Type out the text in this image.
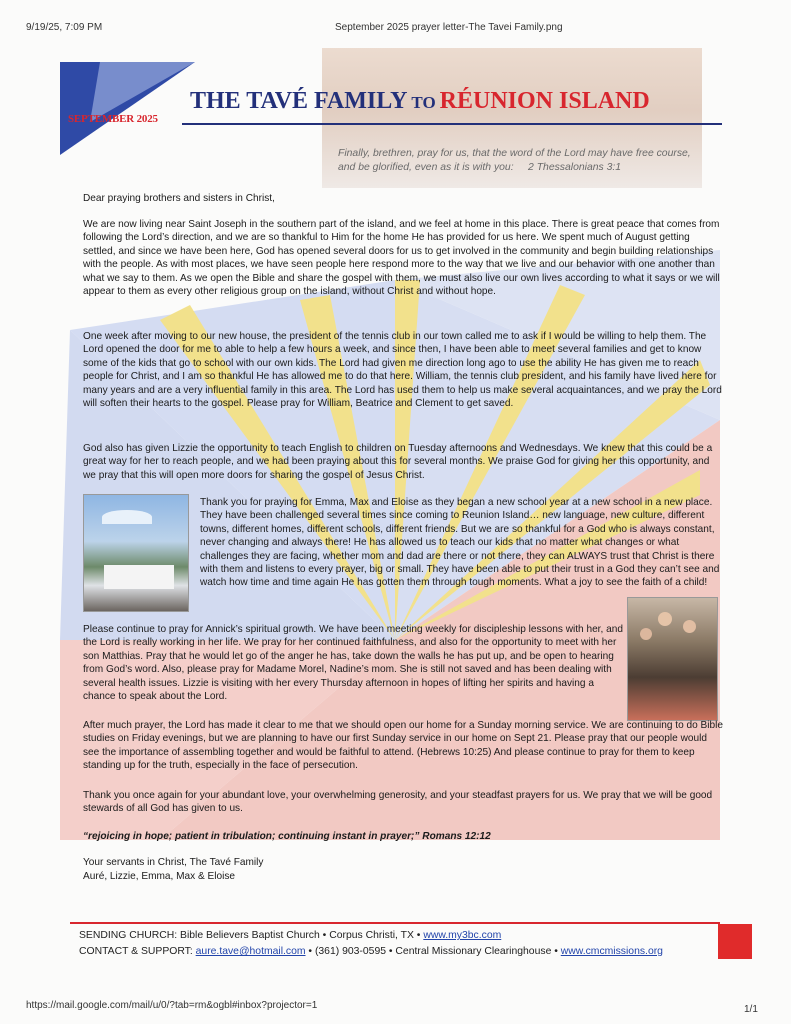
9/19/25, 7:09 PM	September 2025 prayer letter-The Tavei Family.png
THE TAVÉ FAMILY TO RÉUNION ISLAND
SEPTEMBER 2025
Finally, brethren, pray for us, that the word of the Lord may have free course, and be glorified, even as it is with you: 2 Thessalonians 3:1
Dear praying brothers and sisters in Christ,
We are now living near Saint Joseph in the southern part of the island, and we feel at home in this place. There is great peace that comes from following the Lord’s direction, and we are so thankful to Him for the home He has provided for us here. We spent much of August getting settled, and since we have been here, God has opened several doors for us to get involved in the community and begin building relationships with the people. As with most places, we have seen people here respond more to the way that we live and our behavior with one another than what we say to them. As we open the Bible and share the gospel with them, we must also live our own lives according to what it says or we will appear to them as every other religious group on the island, without Christ and without hope.
One week after moving to our new house, the president of the tennis club in our town called me to ask if I would be willing to help them. The Lord opened the door for me to able to help a few hours a week, and since then, I have been able to meet several families and get to know some of the kids that go to school with our own kids. The Lord had given me direction long ago to use the ability He has given me to reach people for Christ, and I am so thankful He has allowed me to do that here. William, the tennis club president, and his family have lived here for many years and are a very influential family in this area. The Lord has used them to help us make several acquaintances, and we pray the Lord will soften their hearts to the gospel. Please pray for William, Beatrice and Clement to get saved.
God also has given Lizzie the opportunity to teach English to children on Tuesday afternoons and Wednesdays. We knew that this could be a great way for her to reach people, and we had been praying about this for several months. We praise God for giving her this opportunity, and we pray that this will open more doors for sharing the gospel of Jesus Christ.
Thank you for praying for Emma, Max and Eloise as they began a new school year at a new school in a new place. They have been challenged several times since coming to Reunion Island… new language, new culture, different towns, different homes, different schools, different friends. But we are so thankful for a God who is always constant, never changing and always there! He has allowed us to teach our kids that no matter what changes or what challenges they are facing, whether mom and dad are there or not there, they can ALWAYS trust that Christ is there with them and listens to every prayer, big or small. They have been able to put their trust in a God they can’t see and watch how time and time again He has gotten them through tough moments. What a joy to see the faith of a child!
Please continue to pray for Annick’s spiritual growth. We have been meeting weekly for discipleship lessons with her, and the Lord is really working in her life. We pray for her continued faithfulness, and also for the opportunity to meet with her son Matthias. Pray that he would let go of the anger he has, take down the walls he has put up, and be open to hearing from God’s word. Also, please pray for Madame Morel, Nadine’s mom. She is still not saved and has been dealing with several health issues. Lizzie is visiting with her every Thursday afternoon in hopes of lifting her spirits and having a chance to speak about the Lord.
After much prayer, the Lord has made it clear to me that we should open our home for a Sunday morning service. We are continuing to do Bible studies on Friday evenings, but we are planning to have our first Sunday service in our home on Sept 21. Please pray that our people would see the importance of assembling together and would be faithful to attend. (Hebrews 10:25) And please continue to pray for them to keep standing up for the truth, especially in the face of persecution.
Thank you once again for your abundant love, your overwhelming generosity, and your steadfast prayers for us. We pray that we will be good stewards of all God has given to us.
“rejoicing in hope; patient in tribulation; continuing instant in prayer;” Romans 12:12
Your servants in Christ, The Tavé Family
Auré, Lizzie, Emma, Max & Eloise
SENDING CHURCH: Bible Believers Baptist Church • Corpus Christi, TX • www.my3bc.com
CONTACT & SUPPORT: aure.tave@hotmail.com • (361) 903-0595 • Central Missionary Clearinghouse • www.cmcmissions.org
https://mail.google.com/mail/u/0/?tab=rm&ogbl#inbox?projector=1	1/1
